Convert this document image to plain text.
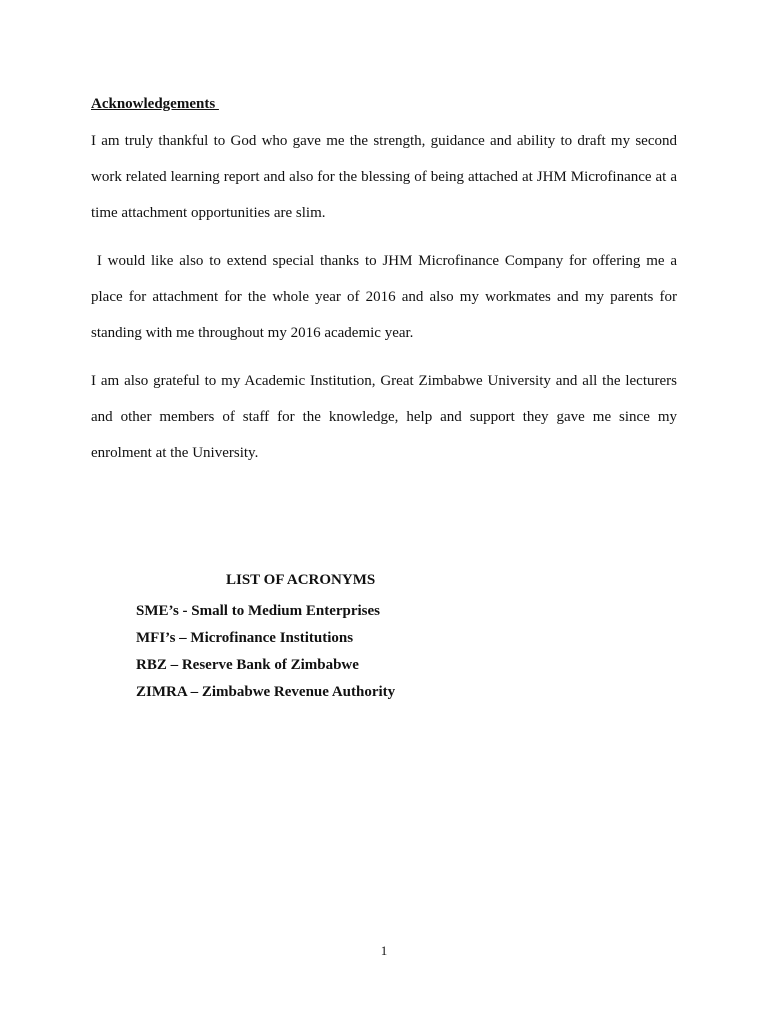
Acknowledgements

I am truly thankful to God who gave me the strength, guidance and ability to draft my second work related learning report and also for the blessing of being attached at JHM Microfinance at a time attachment opportunities are slim.

I would like also to extend special thanks to JHM Microfinance Company for offering me a place for attachment for the whole year of 2016 and also my workmates and my parents for standing with me throughout my 2016 academic year.

I am also grateful to my Academic Institution, Great Zimbabwe University and all the lecturers and other members of staff for the knowledge, help and support they gave me since my enrolment at the University.

LIST OF ACRONYMS
SME’s - Small to Medium Enterprises
MFI’s – Microfinance Institutions
RBZ – Reserve Bank of Zimbabwe
ZIMRA – Zimbabwe Revenue Authority

1
